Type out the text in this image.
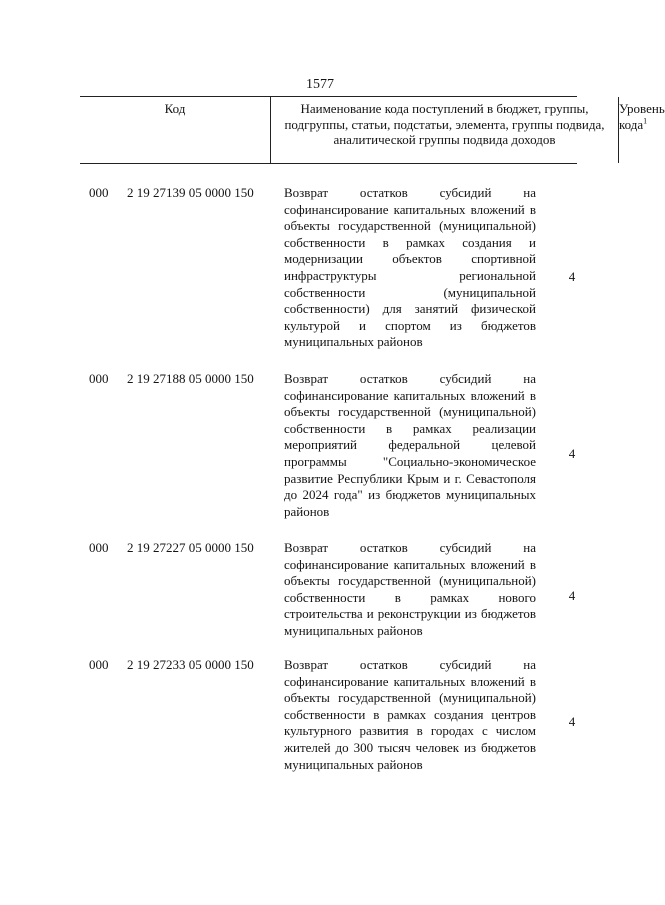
1577
Код	Наименование кода поступлений в бюджет, группы, подгруппы, статьи, подстатьи, элемента, группы подвида, аналитической группы подвида доходов
Уровень кода$^1$
000 2 19 27139 05 0000 150 Возврат остатков субсидий на софинансирование капитальных вложений в объекты государственной (муниципальной) собственности в рамках создания и модернизации объектов спортивной инфраструктуры региональной собственности (муниципальной собственности) для занятий физической культурой и спортом из бюджетов муниципальных районов
4
000 2 19 27188 05 0000 150 Возврат остатков субсидий на софинансирование капитальных вложений в объекты государственной (муниципальной) собственности в рамках реализации мероприятий федеральной целевой программы "Социально-экономическое развитие Республики Крым и г. Севастополя до 2024 года" из бюджетов муниципальных районов
4
000 2 19 27227 05 0000 150 Возврат остатков субсидий на софинансирование капитальных вложений в объекты государственной (муниципальной) собственности в рамках нового строительства и реконструкции из бюджетов муниципальных районов
4
000 2 19 27233 05 0000 150 Возврат остатков субсидий на софинансирование капитальных вложений в объекты государственной (муниципальной) собственности в рамках создания центров культурного развития в городах с числом жителей до 300 тысяч человек из бюджетов муниципальных районов
4
